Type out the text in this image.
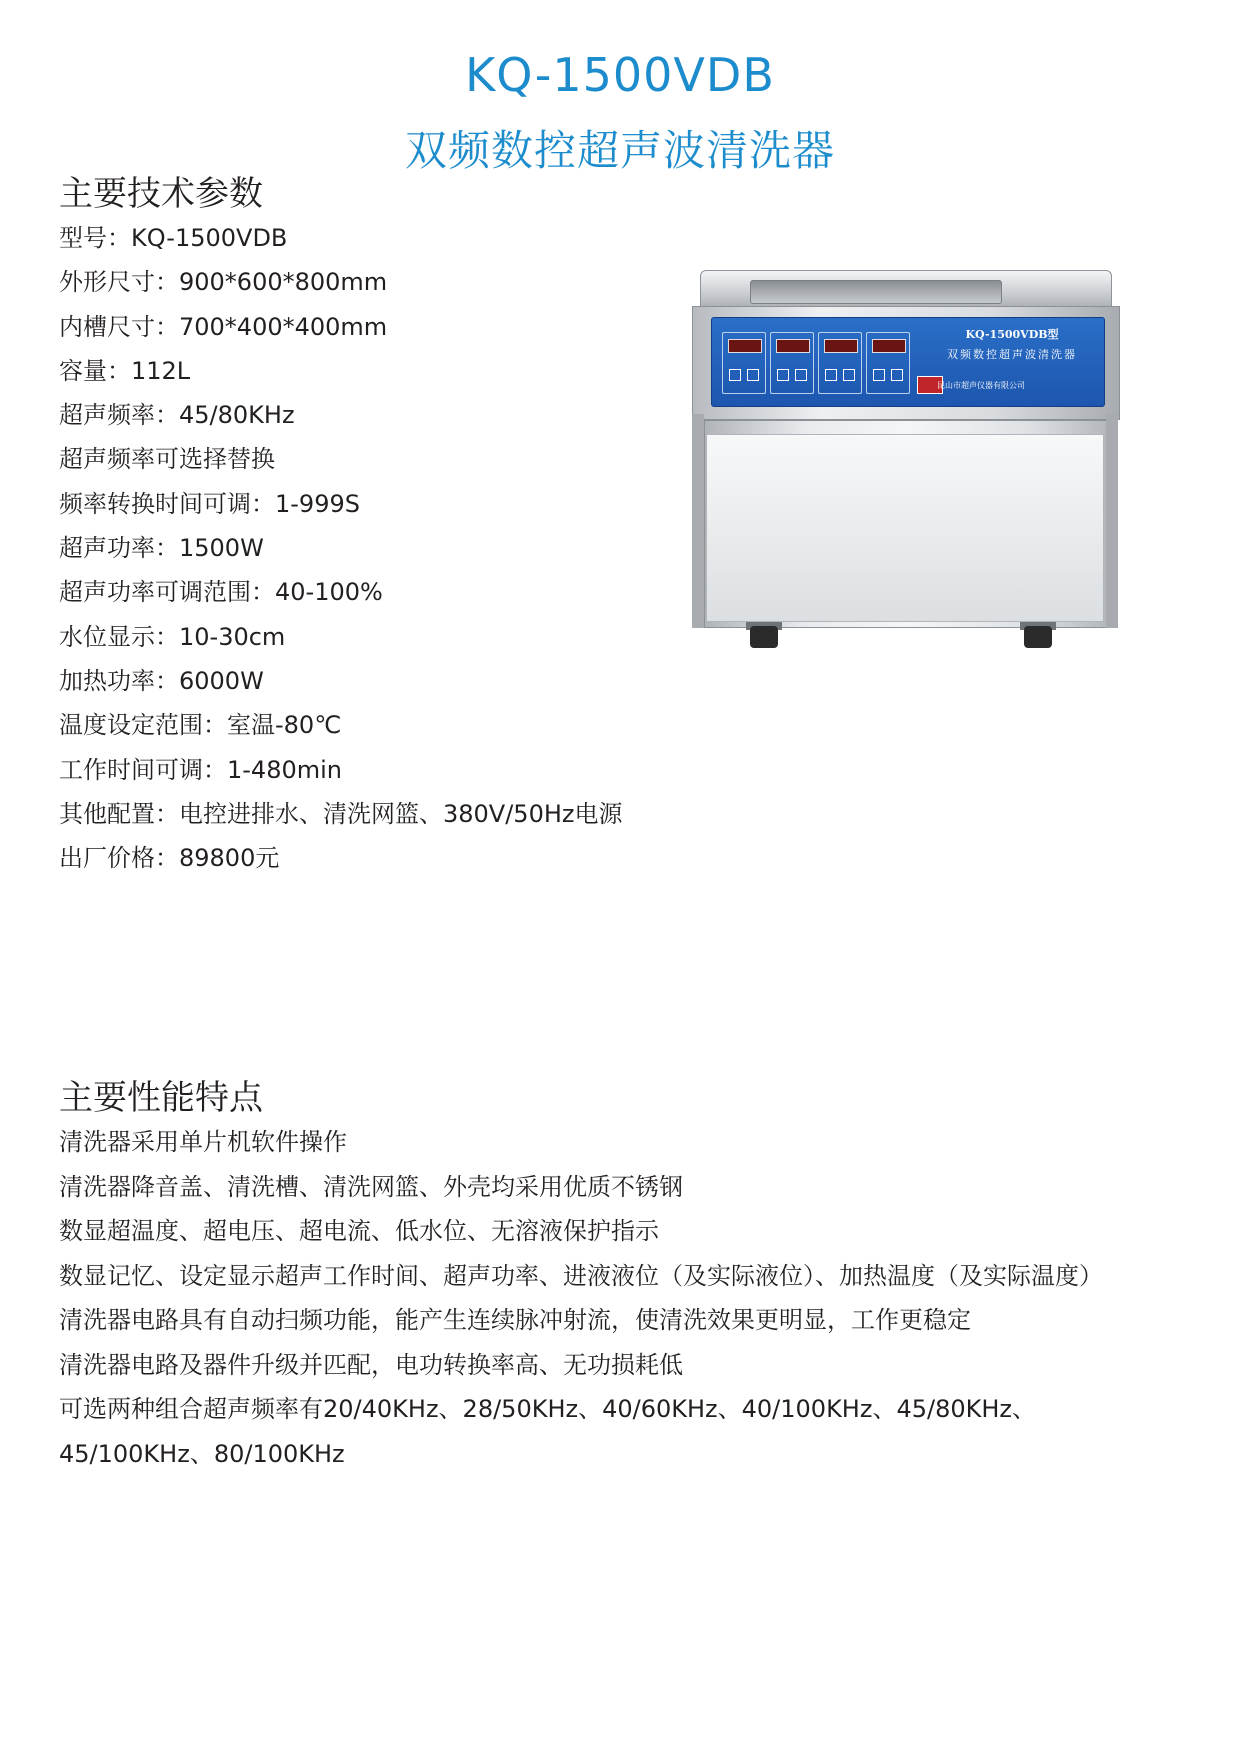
KQ-1500VDB
双频数控超声波清洗器
主要技术参数
型号：KQ-1500VDB
外形尺寸：900*600*800mm
内槽尺寸：700*400*400mm
容量：112L
超声频率：45/80KHz
超声频率可选择替换
频率转换时间可调：1-999S
超声功率：1500W
超声功率可调范围：40-100%
水位显示：10-30cm
加热功率：6000W
温度设定范围：室温-80℃
工作时间可调：1-480min
其他配置：电控进排水、清洗网篮、380V/50Hz电源
出厂价格：89800元
KQ-1500VDB型
双频数控超声波清洗器
昆山市超声仪器有限公司
主要性能特点
清洗器采用单片机软件操作
清洗器降音盖、清洗槽、清洗网篮、外壳均采用优质不锈钢
数显超温度、超电压、超电流、低水位、无溶液保护指示
数显记忆、设定显示超声工作时间、超声功率、进液液位（及实际液位）、加热温度（及实际温度）
清洗器电路具有自动扫频功能，能产生连续脉冲射流，使清洗效果更明显，工作更稳定
清洗器电路及器件升级并匹配，电功转换率高、无功损耗低
可选两种组合超声频率有20/40KHz、28/50KHz、40/60KHz、40/100KHz、45/80KHz、
45/100KHz、80/100KHz
